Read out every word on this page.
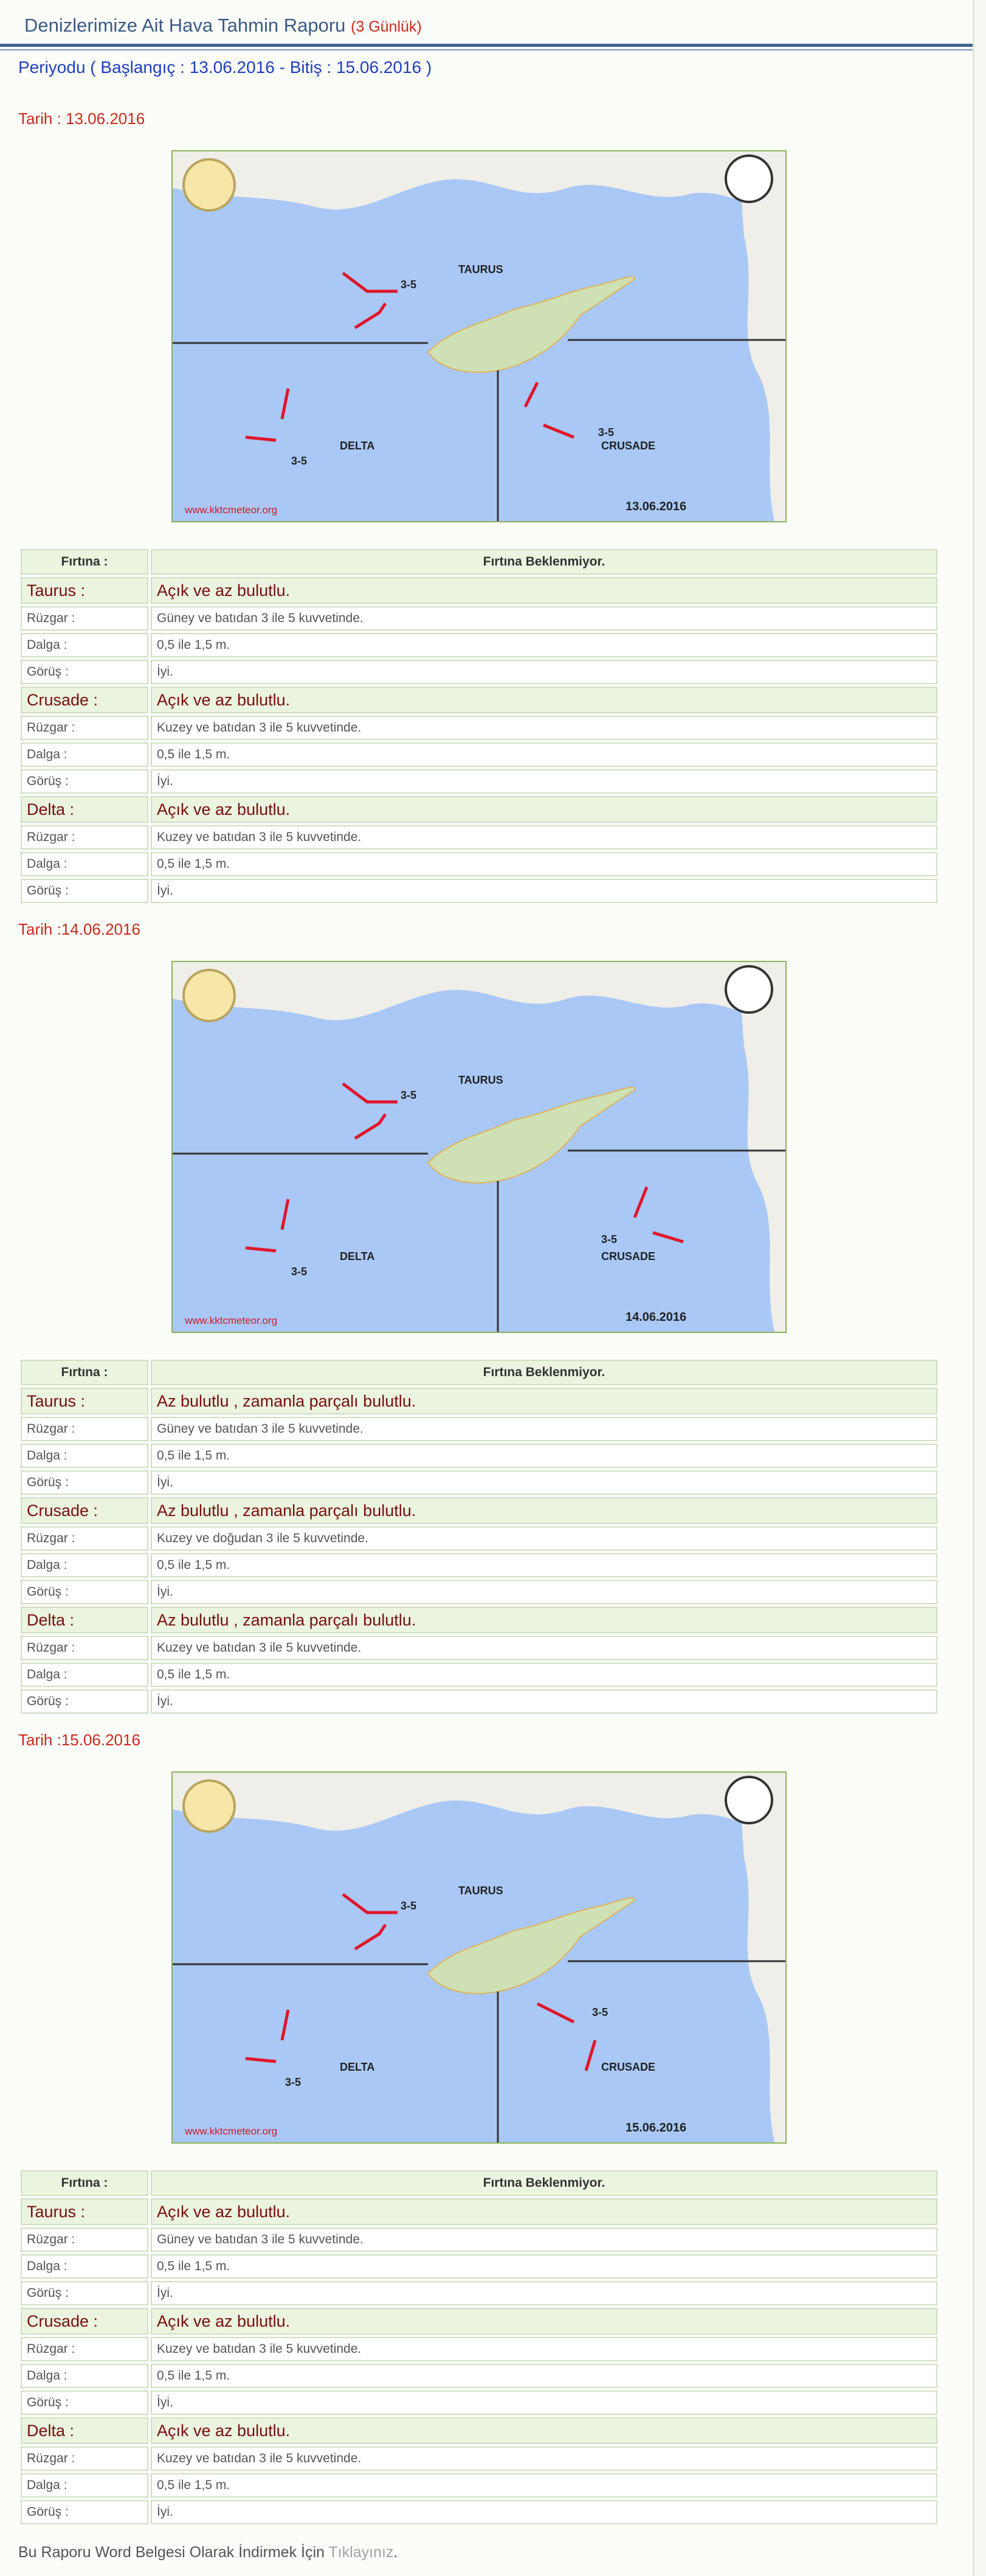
Denizlerimize Ait Hava Tahmin Raporu (3 Günlük)
Periyodu ( Başlangıç : 13.06.2016 - Bitiş : 15.06.2016 )
Tarih : 13.06.2016
TAURUS
DELTA	CRUSADE
3-5
3-5
3-5
www.kktcmeteor.org	13.06.2016
Fırtına :	Fırtına Beklenmiyor.
Taurus :	Açık ve az bulutlu.
Rüzgar :	Güney ve batıdan 3 ile 5 kuvvetinde.
Dalga :	0,5 ile 1,5 m.
Görüş :	İyi.
Crusade :	Açık ve az bulutlu.
Rüzgar :	Kuzey ve batıdan 3 ile 5 kuvvetinde.
Dalga :	0,5 ile 1,5 m.
Görüş :	İyi.
Delta :	Açık ve az bulutlu.
Rüzgar :	Kuzey ve batıdan 3 ile 5 kuvvetinde.
Dalga :	0,5 ile 1,5 m.
Görüş :	İyi.
Tarih :14.06.2016
TAURUS
DELTA	CRUSADE
3-5
3-5
3-5
www.kktcmeteor.org	14.06.2016
Fırtına :	Fırtına Beklenmiyor.
Taurus :	Az bulutlu , zamanla parçalı bulutlu.
Rüzgar :	Güney ve batıdan 3 ile 5 kuvvetinde.
Dalga :	0,5 ile 1,5 m.
Görüş :	İyi.
Crusade :	Az bulutlu , zamanla parçalı bulutlu.
Rüzgar :	Kuzey ve doğudan 3 ile 5 kuvvetinde.
Dalga :	0,5 ile 1,5 m.
Görüş :	İyi.
Delta :	Az bulutlu , zamanla parçalı bulutlu.
Rüzgar :	Kuzey ve batıdan 3 ile 5 kuvvetinde.
Dalga :	0,5 ile 1,5 m.
Görüş :	İyi.
Tarih :15.06.2016
TAURUS
DELTA	CRUSADE
3-5
3-5
3-5
www.kktcmeteor.org	15.06.2016
Fırtına :	Fırtına Beklenmiyor.
Taurus :	Açık ve az bulutlu.
Rüzgar :	Güney ve batıdan 3 ile 5 kuvvetinde.
Dalga :	0,5 ile 1,5 m.
Görüş :	İyi.
Crusade :	Açık ve az bulutlu.
Rüzgar :	Kuzey ve batıdan 3 ile 5 kuvvetinde.
Dalga :	0,5 ile 1,5 m.
Görüş :	İyi.
Delta :	Açık ve az bulutlu.
Rüzgar :	Kuzey ve batıdan 3 ile 5 kuvvetinde.
Dalga :	0,5 ile 1,5 m.
Görüş :	İyi.
Bu Raporu Word Belgesi Olarak İndirmek İçin Tıklayınız.
